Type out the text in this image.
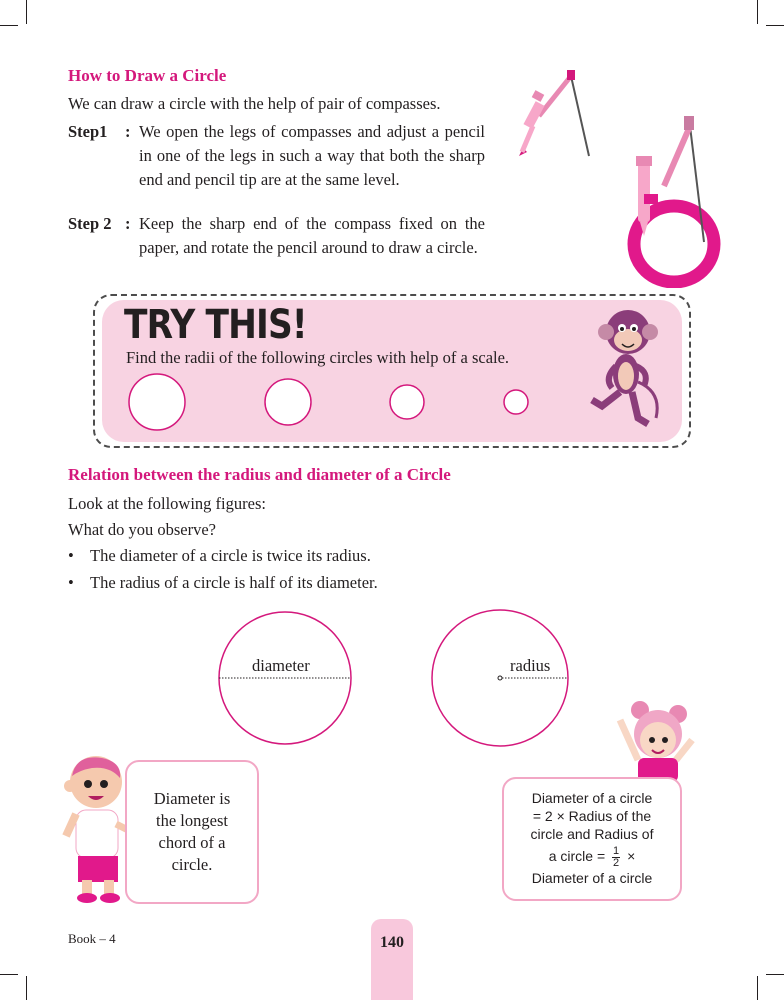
How to Draw a Circle
We can draw a circle with the help of pair of compasses.
Step1 : We open the legs of compasses and adjust a pencil in one of the legs in such a way that both the sharp end and pencil tip are at the same level.
Step 2 : Keep the sharp end of the compass fixed on the paper, and rotate the pencil around to draw a circle.
TRY THIS!
Find the radii of the following circles with help of a scale.
Relation between the radius and diameter of a Circle
Look at the following figures:
What do you observe?
• The diameter of a circle is twice its radius.
• The radius of a circle is half of its diameter.
diameter	radius
Diameter is
the longest
chord of a
circle.
Diameter of a circle
= 2 × Radius of the
circle and Radius of
a circle = $\frac{1}{2}$ ×
Diameter of a circle
Book – 4	140
